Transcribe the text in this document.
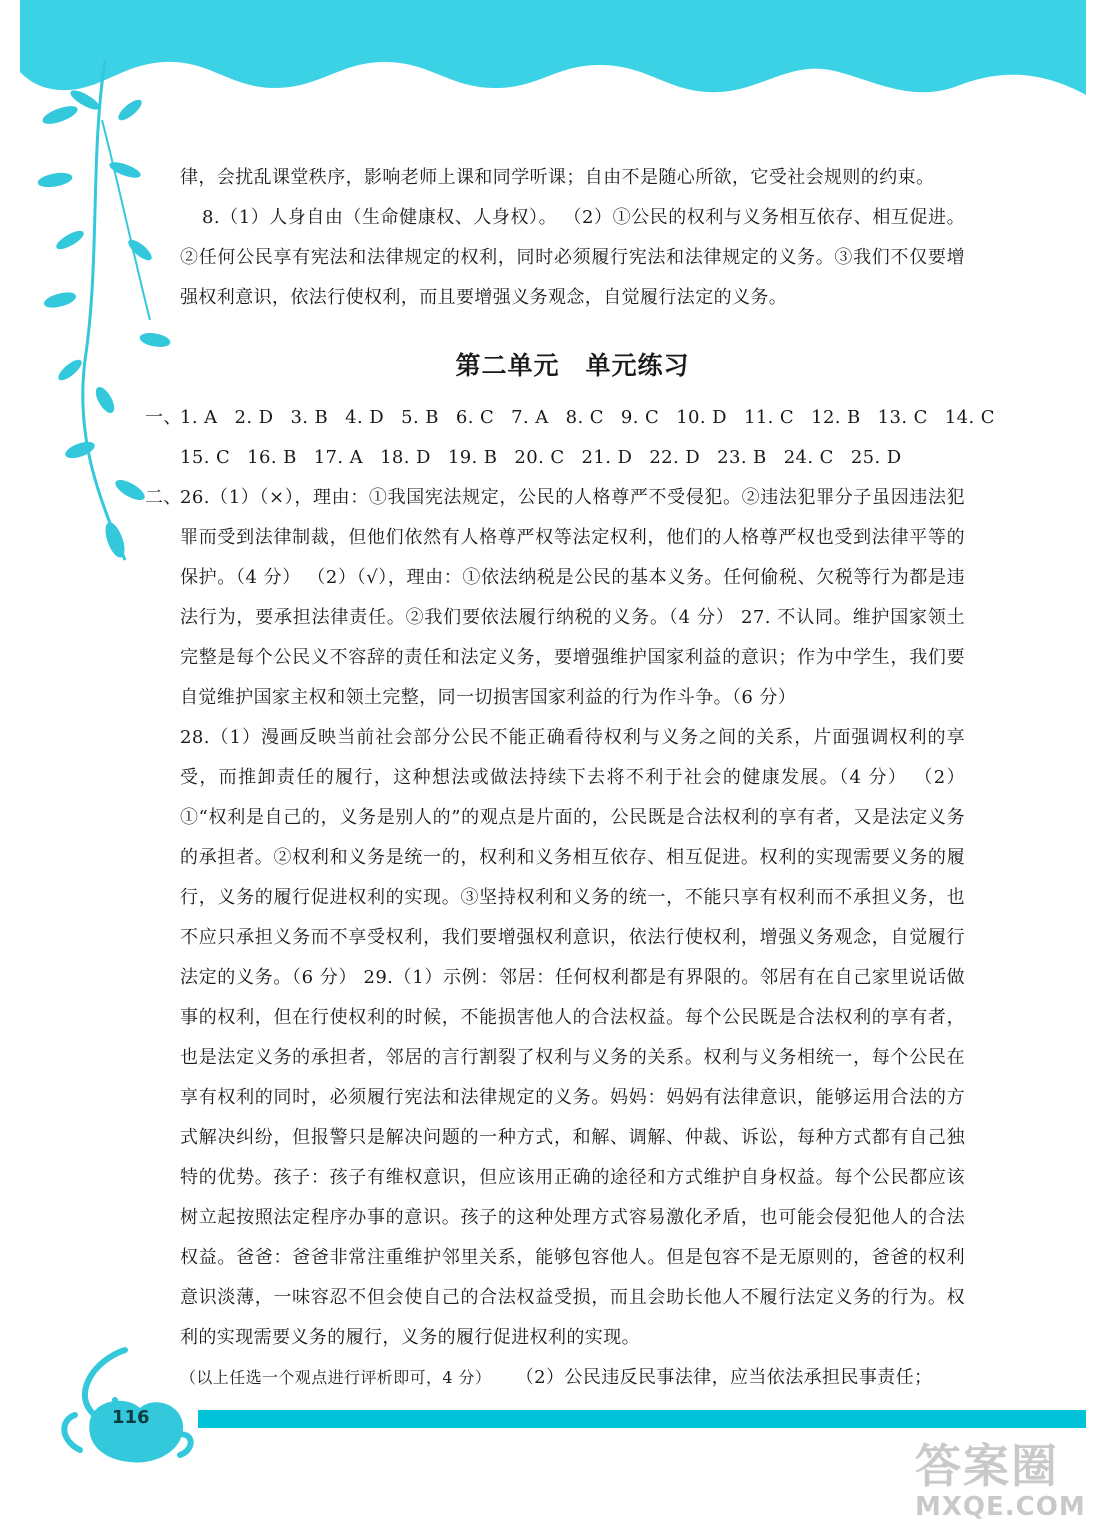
律，会扰乱课堂秩序，影响老师上课和同学听课；自由不是随心所欲，它受社会规则的约束。

8.（1）人身自由（生命健康权、人身权）。 （2）①公民的权利与义务相互依存、相互促进。②任何公民享有宪法和法律规定的权利，同时必须履行宪法和法律规定的义务。③我们不仅要增强权利意识，依法行使权利，而且要增强义务观念，自觉履行法定的义务。

第二单元　单元练习
一、
1. A 2. D 3. B 4. D 5. B 6. C 7. A 8. C 9. C 10. D 11. C 12. B 13. C 14. C
15. C 16. B 17. A 18. D 19. B 20. C 21. D 22. D 23. B 24. C 25. D
二、

26.（1）（×），理由：①我国宪法规定，公民的人格尊严不受侵犯。②违法犯罪分子虽因违法犯罪而受到法律制裁，但他们依然有人格尊严权等法定权利，他们的人格尊严权也受到法律平等的保护。（4 分） （2）（√），理由：①依法纳税是公民的基本义务。任何偷税、欠税等行为都是违法行为，要承担法律责任。②我们要依法履行纳税的义务。（4 分） 27. 不认同。维护国家领土完整是每个公民义不容辞的责任和法定义务，要增强维护国家利益的意识；作为中学生，我们要自觉维护国家主权和领土完整，同一切损害国家利益的行为作斗争。（6 分）

28.（1）漫画反映当前社会部分公民不能正确看待权利与义务之间的关系，片面强调权利的享受，而推卸责任的履行，这种想法或做法持续下去将不利于社会的健康发展。（4 分） （2）①“权利是自己的，义务是别人的”的观点是片面的，公民既是合法权利的享有者，又是法定义务的承担者。②权利和义务是统一的，权利和义务相互依存、相互促进。权利的实现需要义务的履行，义务的履行促进权利的实现。③坚持权利和义务的统一，不能只享有权利而不承担义务，也不应只承担义务而不享受权利，我们要增强权利意识，依法行使权利，增强义务观念，自觉履行法定的义务。（6 分） 29.（1）示例：邻居：任何权利都是有界限的。邻居有在自己家里说话做事的权利，但在行使权利的时候，不能损害他人的合法权益。每个公民既是合法权利的享有者，也是法定义务的承担者，邻居的言行割裂了权利与义务的关系。权利与义务相统一，每个公民在享有权利的同时，必须履行宪法和法律规定的义务。妈妈：妈妈有法律意识，能够运用合法的方式解决纠纷，但报警只是解决问题的一种方式，和解、调解、仲裁、诉讼，每种方式都有自己独特的优势。孩子：孩子有维权意识，但应该用正确的途径和方式维护自身权益。每个公民都应该树立起按照法定程序办事的意识。孩子的这种处理方式容易激化矛盾，也可能会侵犯他人的合法权益。爸爸：爸爸非常注重维护邻里关系，能够包容他人。但是包容不是无原则的，爸爸的权利意识淡薄，一味容忍不但会使自己的合法权益受损，而且会助长他人不履行法定义务的行为。权利的实现需要义务的履行，义务的履行促进权利的实现。

（以上任选一个观点进行评析即可，4 分） （2）公民违反民事法律，应当依法承担民事责任；

116
答案圈
MXQE.COM
